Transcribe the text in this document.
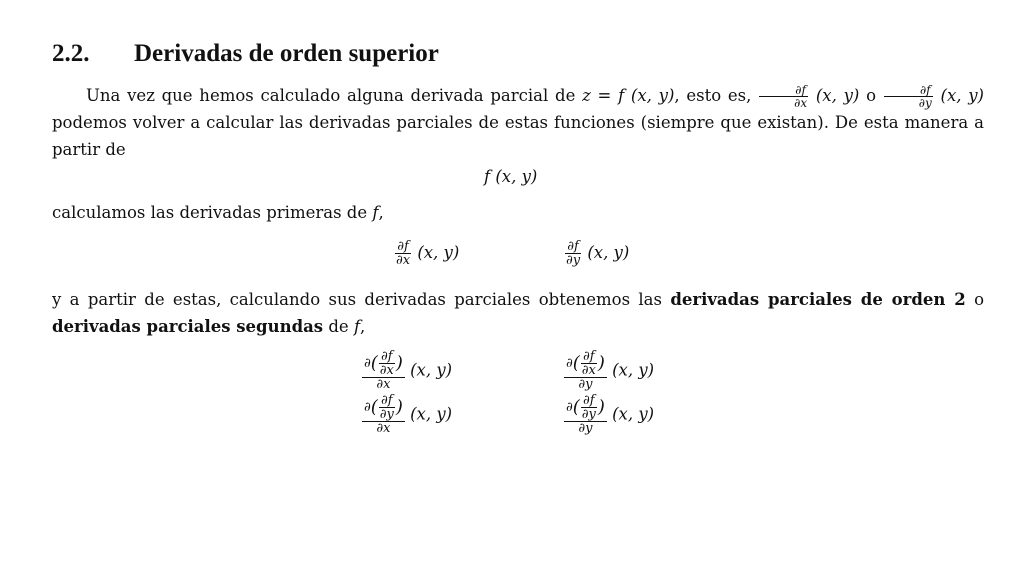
2.2. Derivadas de orden superior

Una vez que hemos calculado alguna derivada parcial de z = f (x, y), esto es, $\frac{\partial f}{\partial x} (x$, y) o $\frac{\partial f}{\partial y} (x$, y) podemos volver a calcular las derivadas parciales de estas funciones (siempre que existan). De esta manera a partir de

f (x, y)

calculamos las derivadas primeras de f,

$\frac{\partial f}{\partial x} (x$, y)	$\frac{\partial f}{\partial y} (x$, y)

y a partir de estas, calculando sus derivadas parciales obtenemos las derivadas parciales de orden 2 o derivadas parciales segundas de f,

$\frac{\partial( \frac{\partial f}{\partial x} )}{\partial x} (x$, y)	$\frac{\partial( \frac{\partial f}{\partial x} )}{\partial y} (x$, y)
$\frac{\partial( \frac{\partial f}{\partial y} )}{\partial x} (x$, y)	$\frac{\partial( \frac{\partial f}{\partial y} )}{\partial y} (x$, y)
